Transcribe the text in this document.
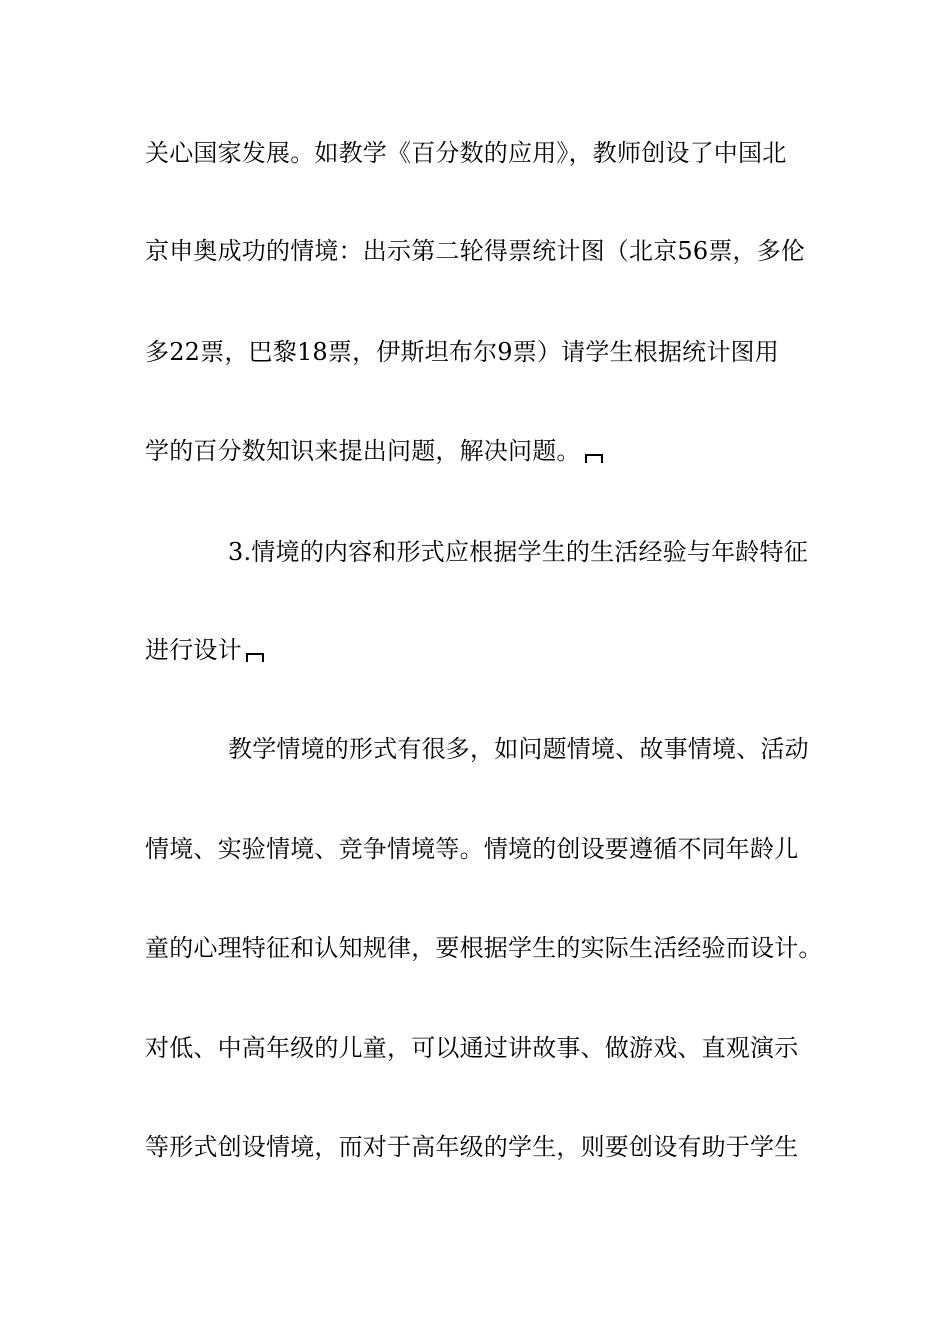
关心国家发展。如教学《百分数的应用》，教师创设了中国北
京申奥成功的情境：出示第二轮得票统计图（北京56票，多伦
多22票，巴黎18票，伊斯坦布尔9票）请学生根据统计图用
学的百分数知识来提出问题，解决问题。
3.情境的内容和形式应根据学生的生活经验与年龄特征
进行设计
教学情境的形式有很多，如问题情境、故事情境、活动
情境、实验情境、竞争情境等。情境的创设要遵循不同年龄儿
童的心理特征和认知规律，要根据学生的实际生活经验而设计。
对低、中高年级的儿童，可以通过讲故事、做游戏、直观演示
等形式创设情境，而对于高年级的学生，则要创设有助于学生
